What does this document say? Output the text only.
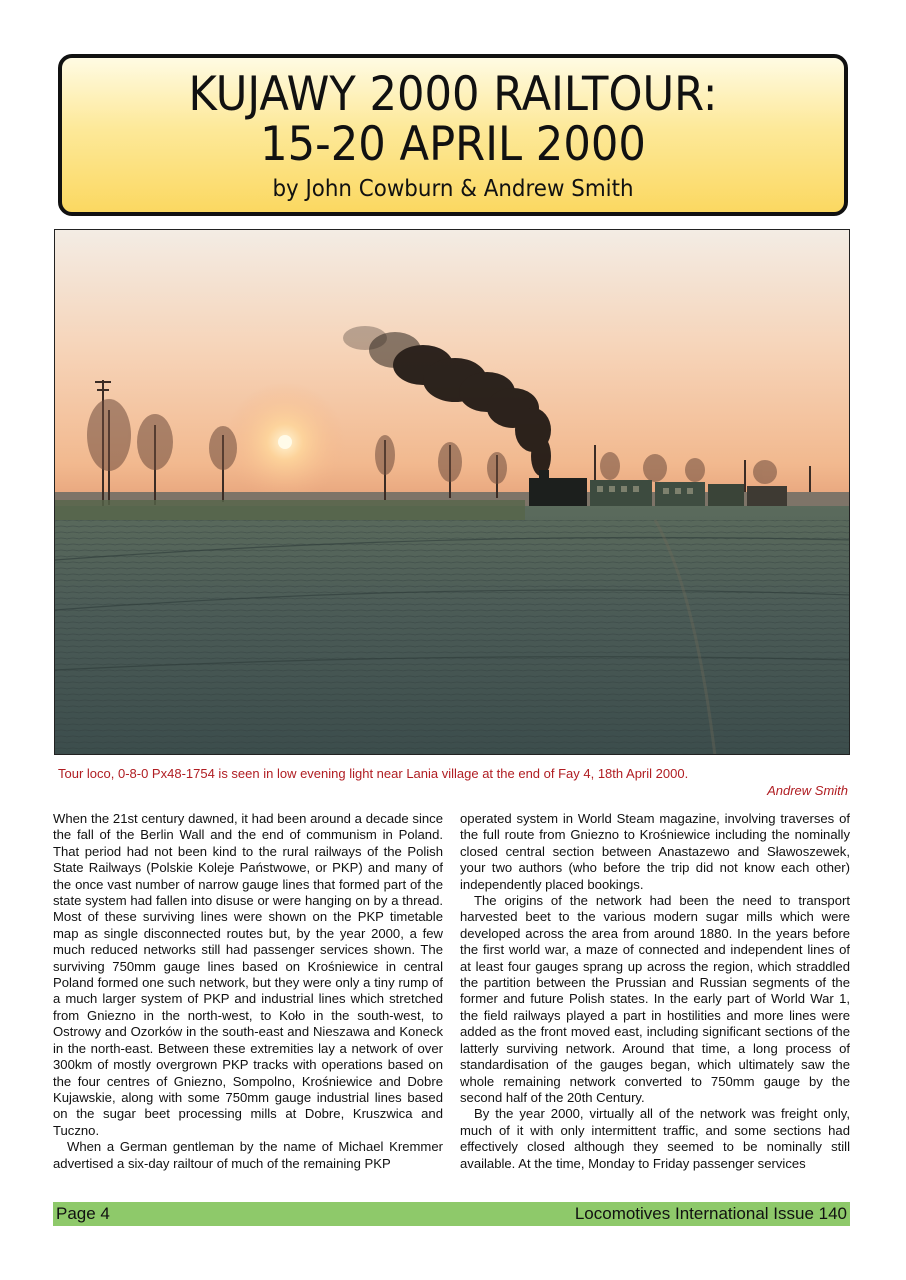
KUJAWY 2000 RAILTOUR:
15-20 APRIL 2000
by John Cowburn & Andrew Smith
Tour loco, 0-8-0 Px48-1754 is seen in low evening light near Lania village at the end of Fay 4, 18th April 2000.
Andrew Smith

When the 21st century dawned, it had been around a decade since the fall of the Berlin Wall and the end of communism in Poland. That period had not been kind to the rural railways of the Polish State Railways (Polskie Koleje Państwowe, or PKP) and many of the once vast number of narrow gauge lines that formed part of the state system had fallen into disuse or were hanging on by a thread. Most of these surviving lines were shown on the PKP timetable map as single disconnected routes but, by the year 2000, a few much reduced networks still had passenger services shown. The surviving 750mm gauge lines based on Krośniewice in central Poland formed one such network, but they were only a tiny rump of a much larger system of PKP and industrial lines which stretched from Gniezno in the north-west, to Koło in the south-west, to Ostrowy and Ozorków in the south-east and Nieszawa and Koneck in the north-east. Between these extremities lay a network of over 300km of mostly overgrown PKP tracks with operations based on the four centres of Gniezno, Sompolno, Krośniewice and Dobre Kujawskie, along with some 750mm gauge industrial lines based on the sugar beet processing mills at Dobre, Kruszwica and Tuczno.

When a German gentleman by the name of Michael Kremmer advertised a six-day railtour of much of the remaining PKP

operated system in World Steam magazine, involving traverses of the full route from Gniezno to Krośniewice including the nominally closed central section between Anastazewo and Sławoszewek, your two authors (who before the trip did not know each other) independently placed bookings.

The origins of the network had been the need to transport harvested beet to the various modern sugar mills which were developed across the area from around 1880. In the years before the first world war, a maze of connected and independent lines of at least four gauges sprang up across the region, which straddled the partition between the Prussian and Russian segments of the former and future Polish states. In the early part of World War 1, the field railways played a part in hostilities and more lines were added as the front moved east, including significant sections of the latterly surviving network. Around that time, a long process of standardisation of the gauges began, which ultimately saw the whole remaining network converted to 750mm gauge by the second half of the 20th Century.

By the year 2000, virtually all of the network was freight only, much of it with only intermittent traffic, and some sections had effectively closed although they seemed to be nominally still available. At the time, Monday to Friday passenger services

Page 4	Locomotives International Issue 140
